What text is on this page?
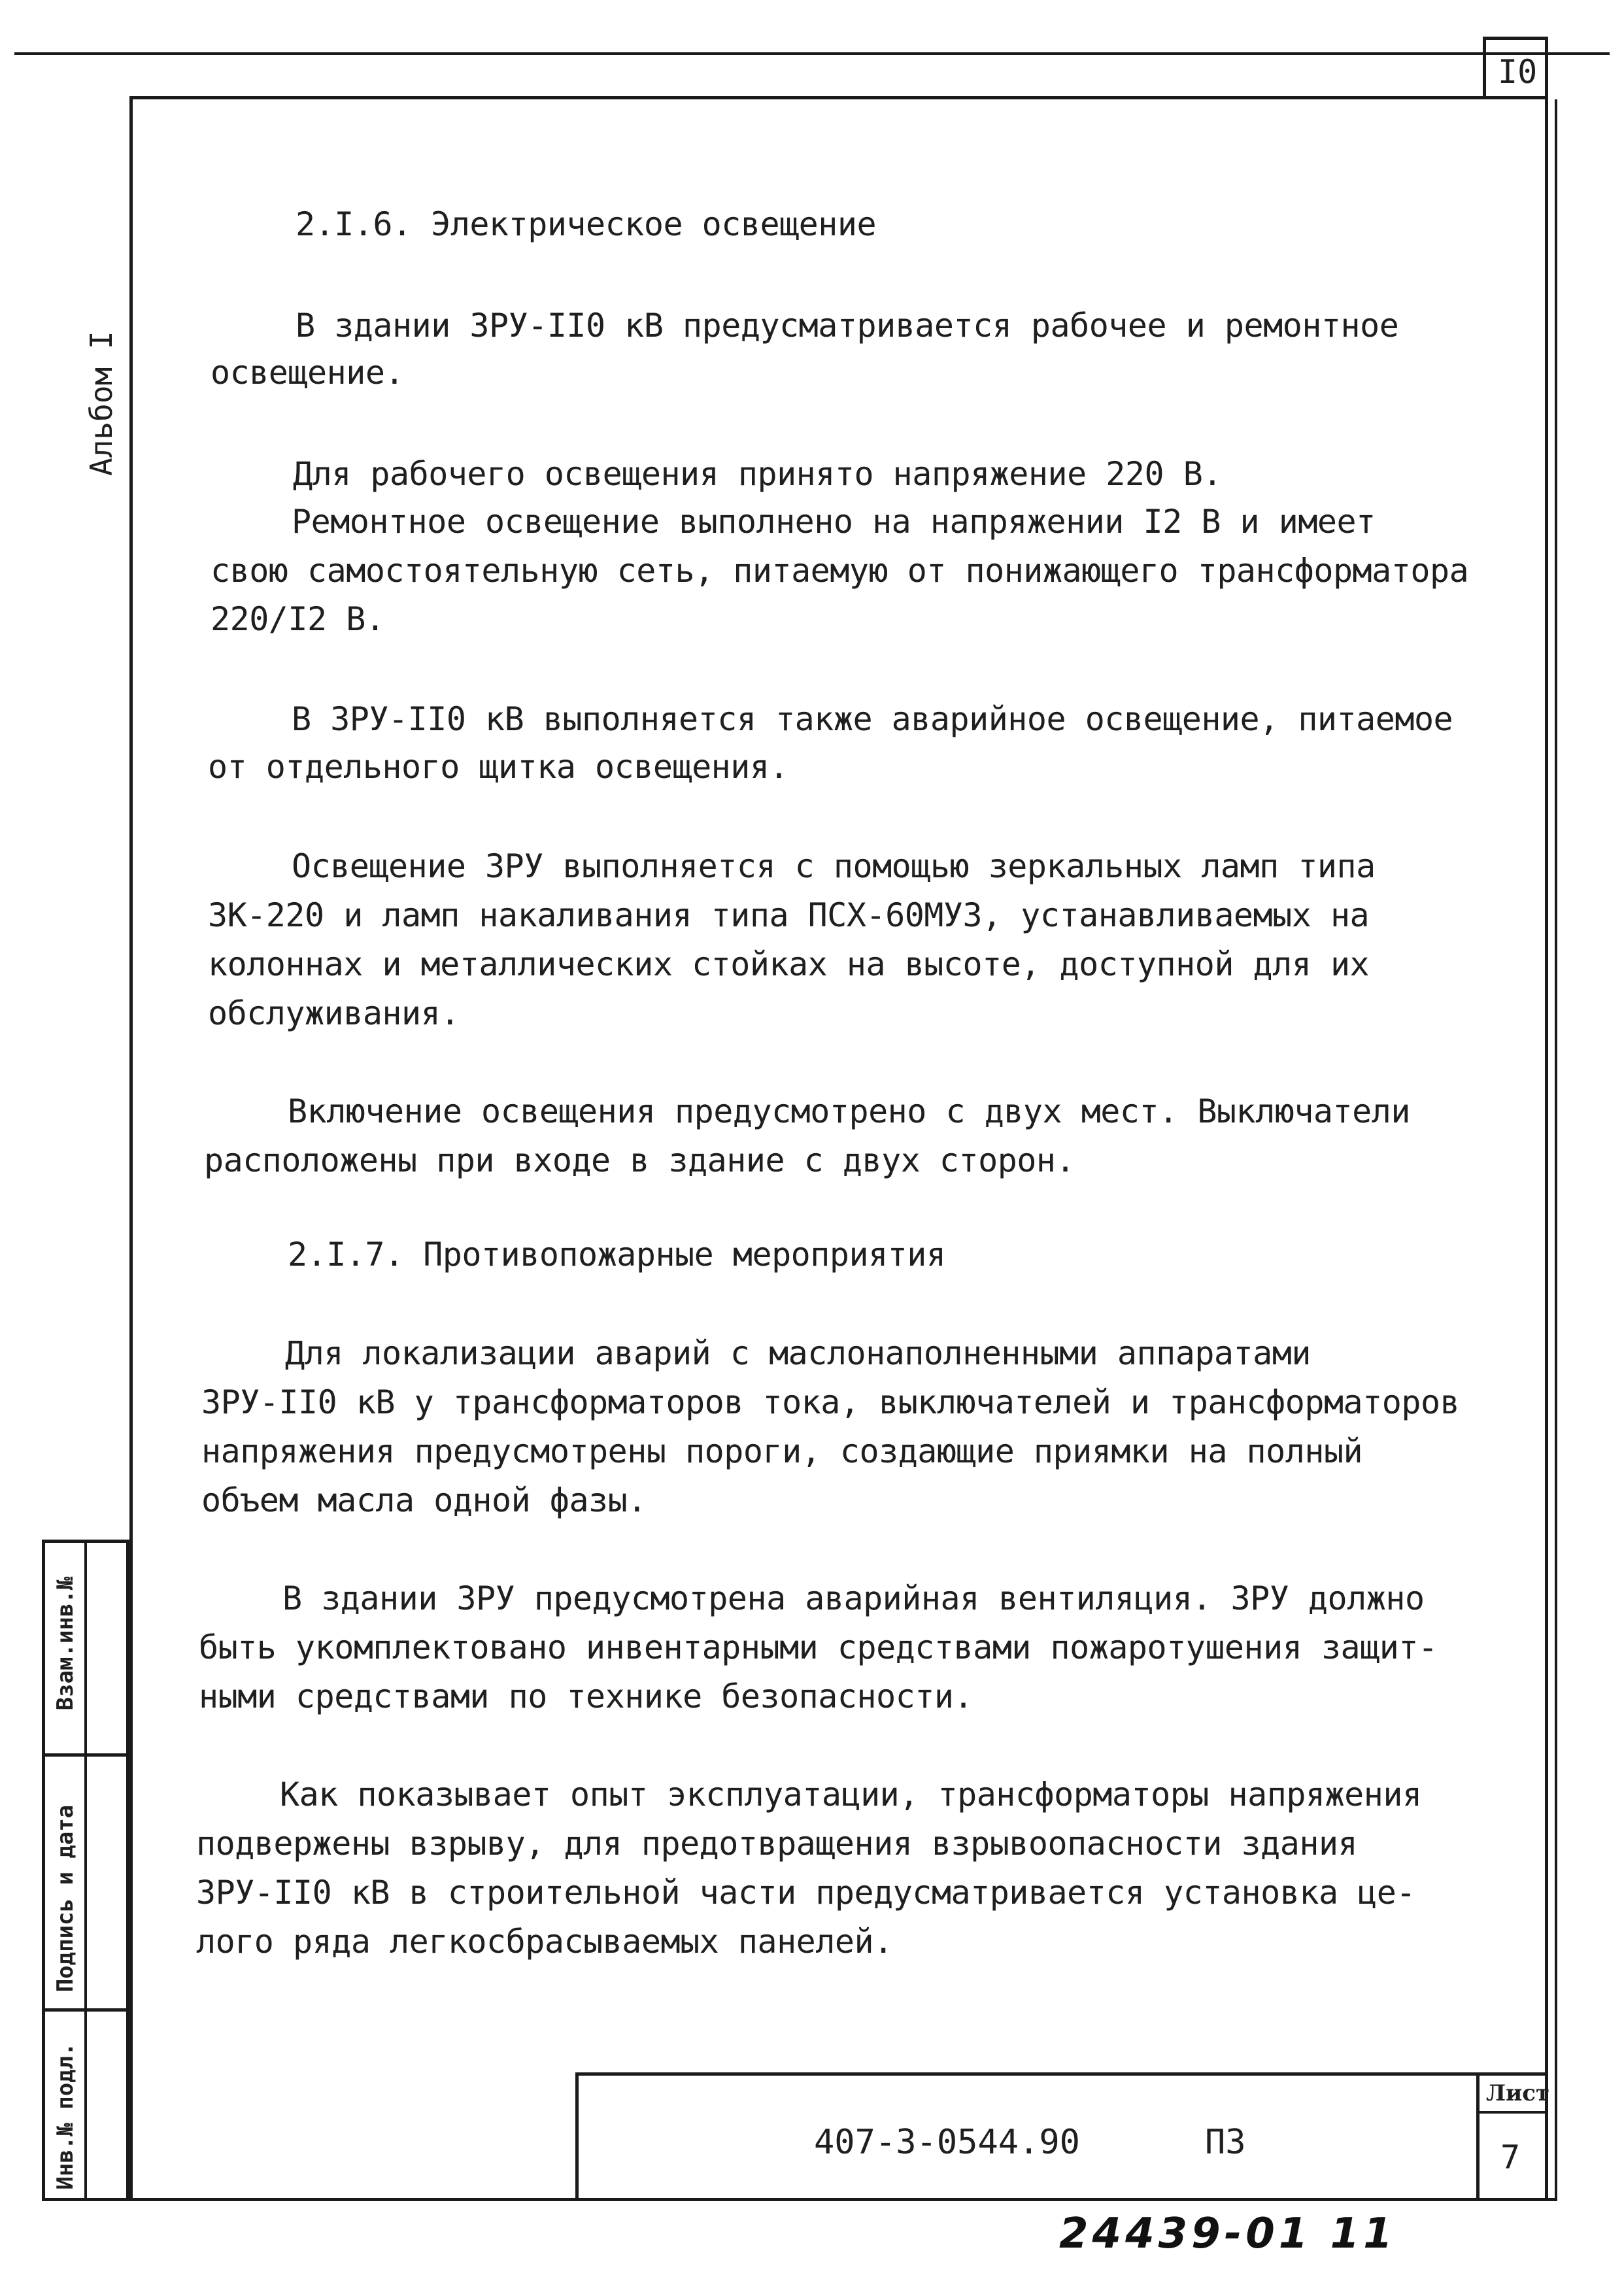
I0
Альбом I
Взам.инв.№
Подпись и дата
Инв.№ подл.
2.I.6. Электрическое освещение
2.I.7. Противопожарные мероприятия
В здании ЗРУ-II0 кВ предусматривается рабочее и ремонтное
освещение.
Для рабочего освещения принято напряжение 220 В.
Ремонтное освещение выполнено на напряжении I2 В и имеет
свою самостоятельную сеть, питаемую от понижающего трансформатора
220/I2 В.
В ЗРУ-II0 кВ выполняется также аварийное освещение, питаемое
от отдельного щитка освещения.
Освещение ЗРУ выполняется с помощью зеркальных ламп типа
ЗК-220 и ламп накаливания типа ПСХ-60МУЗ, устанавливаемых на
колоннах и металлических стойках на высоте, доступной для их
обслуживания.
Включение освещения предусмотрено с двух мест. Выключатели
расположены при входе в здание с двух сторон.
Для локализации аварий с маслонаполненными аппаратами
ЗРУ-II0 кВ у трансформаторов тока, выключателей и трансформаторов
напряжения предусмотрены пороги, создающие приямки на полный
объем масла одной фазы.
В здании ЗРУ предусмотрена аварийная вентиляция. ЗРУ должно
быть укомплектовано инвентарными средствами пожаротушения защит-
ными средствами по технике безопасности.
Как показывает опыт эксплуатации, трансформаторы напряжения
подвержены взрыву, для предотвращения взрывоопасности здания
ЗРУ-II0 кВ в строительной части предусматривается установка це-
лого ряда легкосбрасываемых панелей.
407-3-0544.90	ПЗ
Лист
7
24439-01 11
